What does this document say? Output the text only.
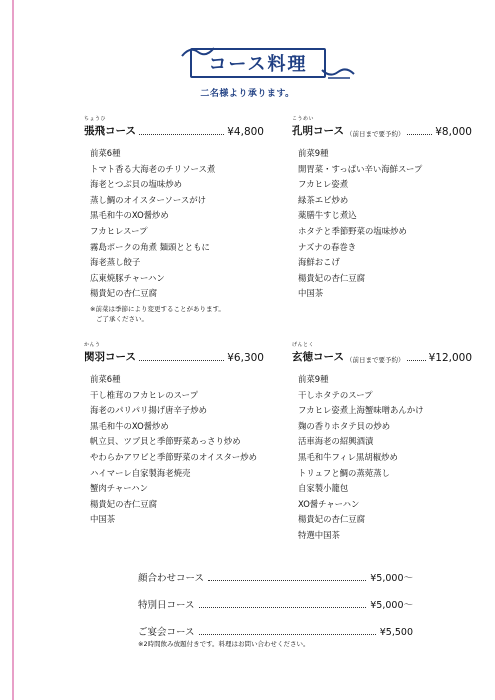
コース料理
二名様より承ります。
ちょうひ
張飛コース	¥4,800
前菜6種
トマト香る大海老のチリソース煮
海老とつぶ貝の塩味炒め
蒸し鯛のオイスターソースがけ
黒毛和牛のXO醤炒め
フカヒレスープ
霧島ポークの角煮 麺頭とともに
海老蒸し餃子
広東焼豚チャーハン
楊貴妃の杏仁豆腐
※前菜は季節により変更することがあります。
ご了承ください。
こうめい
孔明コース （前日まで要予約）	¥8,000
前菜9種
開胃菜・すっぱい辛い海鮮スープ
フカヒレ姿煮
緑茶エビ炒め
薬膳牛すじ煮込
ホタテと季節野菜の塩味炒め
ナズナの春巻き
海鮮おこげ
楊貴妃の杏仁豆腐
中国茶
かんう
関羽コース	¥6,300
前菜6種
干し椎茸のフカヒレのスープ
海老のパリパリ揚げ唐辛子炒め
黒毛和牛のXO醤炒め
帆立貝、ツブ貝と季節野菜あっさり炒め
やわらかアワビと季節野菜のオイスター炒め
ハイマーレ自家製海老焼売
蟹肉チャーハン
楊貴妃の杏仁豆腐
中国茶
げんとく
玄徳コース （前日まで要予約） ¥12,000
前菜9種
干しホタテのスープ
フカヒレ姿煮上海蟹味噌あんかけ
麹の香りホタテ貝の炒め
活車海老の紹興酒漬
黒毛和牛フィレ黒胡椒炒め
トリュフと鯛の蒸菀蒸し
自家製小籠包
XO醤チャーハン
楊貴妃の杏仁豆腐
特選中国茶
顔合わせコース	¥5,000～
特別日コース	¥5,000～
ご宴会コース	¥5,500
※2時間飲み放題付きです。料理はお問い合わせください。
